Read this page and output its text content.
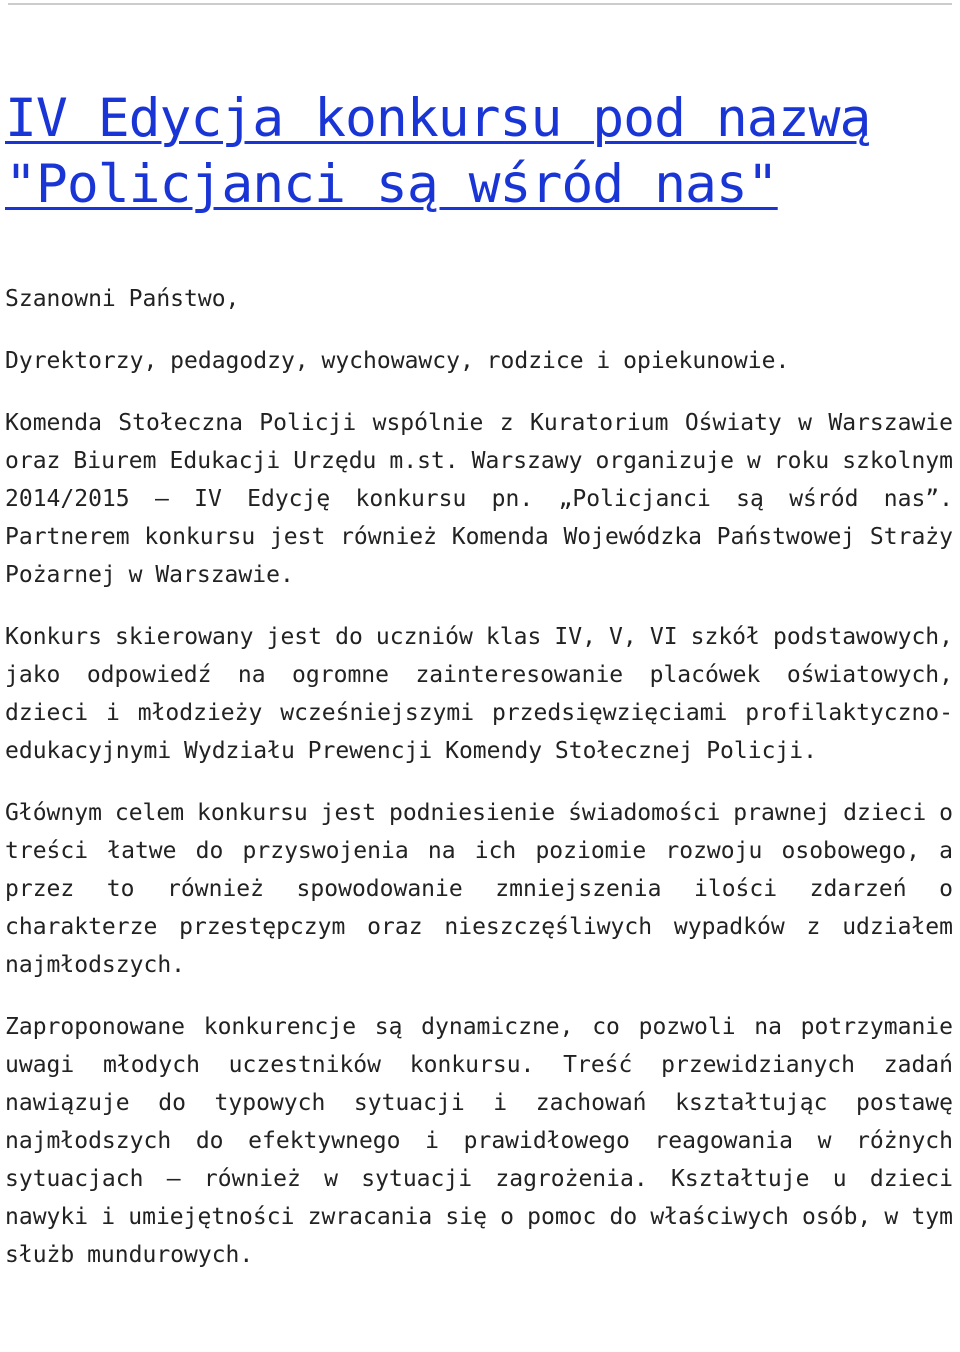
IV Edycja konkursu pod nazwą "Policjanci są wśród nas"

Szanowni Państwo,

Dyrektorzy, pedagodzy, wychowawcy, rodzice i opiekunowie.

Komenda Stołeczna Policji wspólnie z Kuratorium Oświaty w Warszawie oraz Biurem Edukacji Urzędu m.st. Warszawy organizuje w roku szkolnym 2014/2015 – IV Edycję konkursu pn. „Policjanci są wśród nas”. Partnerem konkursu jest również Komenda Wojewódzka Państwowej Straży Pożarnej w Warszawie.

Konkurs skierowany jest do uczniów klas IV, V, VI szkół podstawowych, jako odpowiedź na ogromne zainteresowanie placówek oświatowych, dzieci i młodzieży wcześniejszymi przedsięwzięciami profilaktyczno-edukacyjnymi Wydziału Prewencji Komendy Stołecznej Policji.

Głównym celem konkursu jest podniesienie świadomości prawnej dzieci o treści łatwe do przyswojenia na ich poziomie rozwoju osobowego, a przez to również spowodowanie zmniejszenia ilości zdarzeń o charakterze przestępczym oraz nieszczęśliwych wypadków z udziałem najmłodszych.

Zaproponowane konkurencje są dynamiczne, co pozwoli na potrzymanie uwagi młodych uczestników konkursu. Treść przewidzianych zadań nawiązuje do typowych sytuacji i zachowań kształtując postawę najmłodszych do efektywnego i prawidłowego reagowania w różnych sytuacjach – również w sytuacji zagrożenia. Kształtuje u dzieci nawyki i umiejętności zwracania się o pomoc do właściwych osób, w tym służb mundurowych.
